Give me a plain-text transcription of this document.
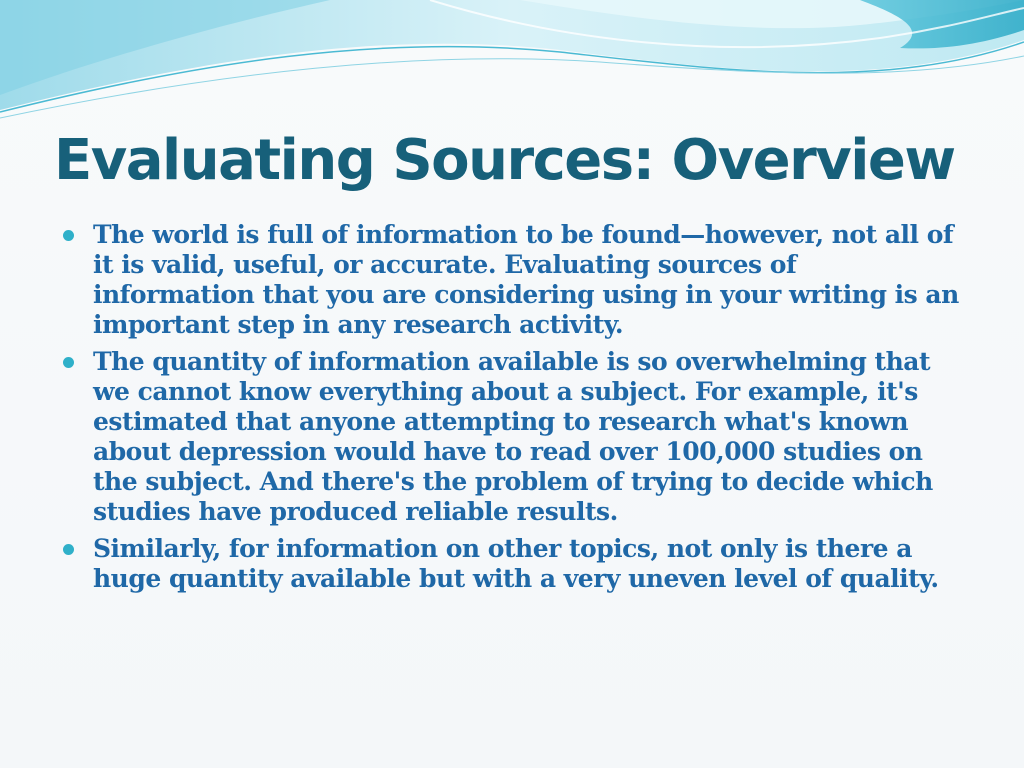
Evaluating Sources: Overview
The world is full of information to be found—however, not all of it is valid, useful, or accurate. Evaluating sources of information that you are considering using in your writing is an important step in any research activity.
The quantity of information available is so overwhelming that we cannot know everything about a subject. For example, it's estimated that anyone attempting to research what's known about depression would have to read over 100,000 studies on the subject. And there's the problem of trying to decide which studies have produced reliable results.
Similarly, for information on other topics, not only is there a huge quantity available but with a very uneven level of quality.
